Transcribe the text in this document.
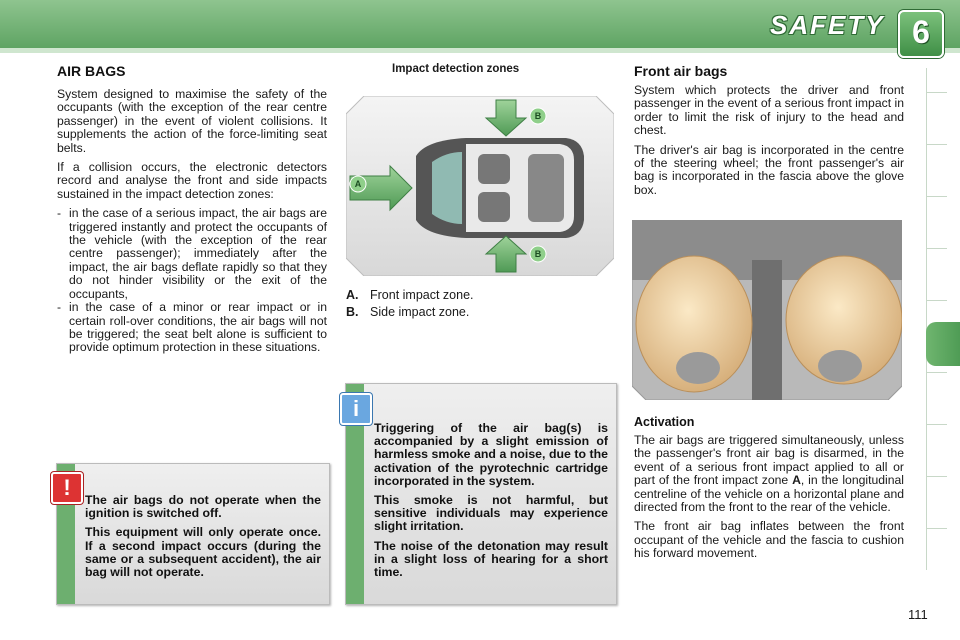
SAFETY 6
AIR BAGS

System designed to maximise the safety of the occupants (with the exception of the rear centre passenger) in the event of violent collisions. It supplements the action of the force-limiting seat belts.

If a collision occurs, the electronic detectors record and analyse the front and side impacts sustained in the impact detection zones:

- in the case of a serious impact, the air bags are triggered instantly and protect the occupants of the vehicle (with the exception of the rear centre passenger); immediately after the impact, the air bags deflate rapidly so that they do not hinder visibility or the exit of the occupants,
- in the case of a minor or rear impact or in certain roll-over conditions, the air bags will not be triggered; the seat belt alone is sufficient to provide optimum protection in these situations.
Impact detection zones
A
B
B
A. Front impact zone.
B. Side impact zone.
Front air bags

System which protects the driver and front passenger in the event of a serious front impact in order to limit the risk of injury to the head and chest.

The driver's air bag is incorporated in the centre of the steering wheel; the front passenger's air bag is incorporated in the fascia above the glove box.

Activation

The air bags are triggered simultaneously, unless the passenger's front air bag is disarmed, in the event of a serious front impact applied to all or part of the front impact zone A, in the longitudinal centreline of the vehicle on a horizontal plane and directed from the front to the rear of the vehicle.

The front air bag inflates between the front occupant of the vehicle and the fascia to cushion his forward movement.

Triggering of the air bag(s) is accompanied by a slight emission of harmless smoke and a noise, due to the activation of the pyrotechnic cartridge incorporated in the system.

This smoke is not harmful, but sensitive individuals may experience slight irritation.

The noise of the detonation may result in a slight loss of hearing for a short time.

i

The air bags do not operate when the ignition is switched off.

This equipment will only operate once. If a second impact occurs (during the same or a subsequent accident), the air bag will not operate.

!
111
